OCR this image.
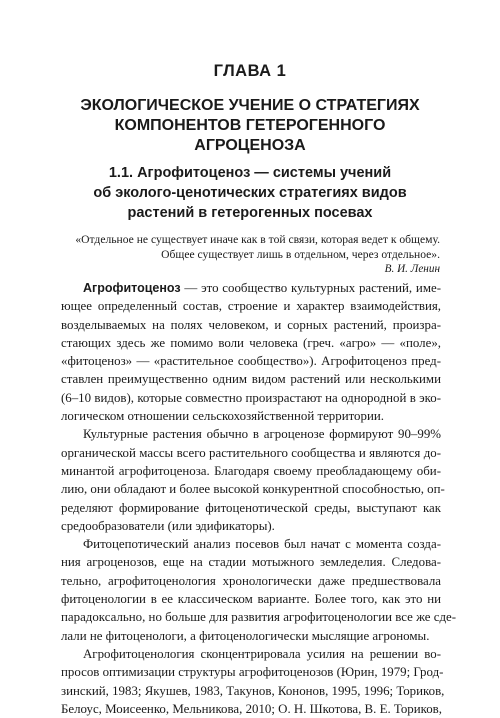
ГЛАВА 1
ЭКОЛОГИЧЕСКОЕ УЧЕНИЕ О СТРАТЕГИЯХ
КОМПОНЕНТОВ ГЕТЕРОГЕННОГО
АГРОЦЕНОЗА
1.1. Агрофитоценоз — системы учений
об эколого-ценотических стратегиях видов
растений в гетерогенных посевах
«Отдельное не существует иначе как в той связи, которая ведет к общему.
Общее существует лишь в отдельном, через отдельное».
В. И. Ленин
Агрофитоценоз — это сообщество культурных растений, име-
ющее определенный состав, строение и характер взаимодействия,
возделываемых на полях человеком, и сорных растений, произра-
стающих здесь же помимо воли человека (греч. «агро» — «поле»,
«фитоценоз» — «растительное сообщество»). Агрофитоценоз пред-
ставлен преимущественно одним видом растений или несколькими
(6–10 видов), которые совместно произрастают на однородной в эко-
логическом отношении сельскохозяйственной территории.
Культурные растения обычно в агроценозе формируют 90–99%
органической массы всего растительного сообщества и являются до-
минантой агрофитоценоза. Благодаря своему преобладающему оби-
лию, они обладают и более высокой конкурентной способностью, оп-
ределяют формирование фитоценотической среды, выступают как
средообразователи (или эдификаторы).
Фитоцепотический анализ посевов был начат с момента созда-
ния агроценозов, еще на стадии мотыжного земледелия. Следова-
тельно, агрофитоценология хронологически даже предшествовала
фитоценологии в ее классическом варианте. Более того, как это ни
парадоксально, но больше для развития агрофитоценологии все же сде-
лали не фитоценологи, а фитоценологически мыслящие агрономы.
Агрофитоценология сконцентрировала усилия на решении во-
просов оптимизации структуры агрофитоценозов (Юрин, 1979; Грод-
зинский, 1983; Якушев, 1983, Такунов, Кононов, 1995, 1996; Ториков,
Белоус, Моисеенко, Мельникова, 2010; О. Н. Шкотова, В. Е. Ториков,
